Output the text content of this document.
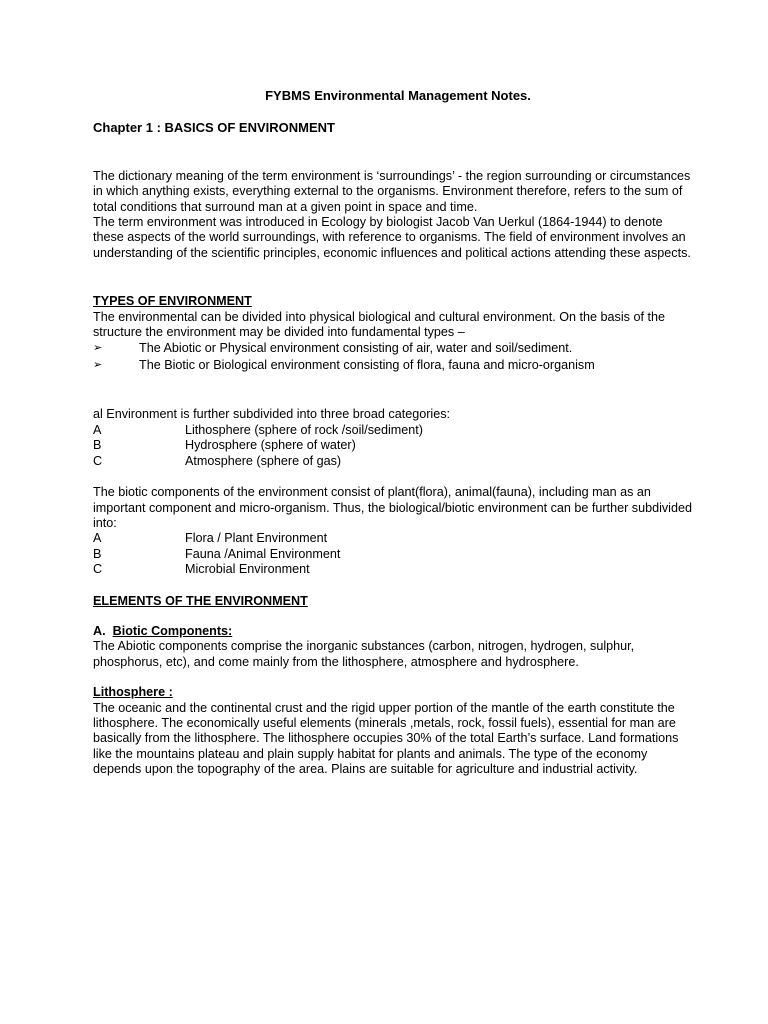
FYBMS Environmental Management Notes.

Chapter 1 : BASICS OF ENVIRONMENT

The dictionary meaning of the term environment is ‘surroundings’ - the region surrounding or circumstances in which anything exists, everything external to the organisms. Environment therefore, refers to the sum of total conditions that surround man at a given point in space and time.

The term environment was introduced in Ecology by biologist Jacob Van Uerkul (1864-1944) to denote these aspects of the world surroundings, with reference to organisms. The field of environment involves an understanding of the scientific principles, economic influences and political actions attending these aspects.

TYPES OF ENVIRONMENT

The environmental can be divided into physical biological and cultural environment. On the basis of the structure the environment may be divided into fundamental types –

➢	The Abiotic or Physical environment consisting of air, water and soil/sediment.
➢	The Biotic or Biological environment consisting of flora, fauna and micro-organism

al Environment is further subdivided into three broad categories:

A	Lithosphere (sphere of rock /soil/sediment)
B	Hydrosphere (sphere of water)
C	Atmosphere (sphere of gas)

The biotic components of the environment consist of plant(flora), animal(fauna), including man as an important component and micro-organism. Thus, the biological/biotic environment can be further subdivided into:

A	Flora / Plant Environment
B	Fauna /Animal Environment
C	Microbial Environment

ELEMENTS OF THE ENVIRONMENT

A. Biotic Components:

The Abiotic components comprise the inorganic substances (carbon, nitrogen, hydrogen, sulphur, phosphorus, etc), and come mainly from the lithosphere, atmosphere and hydrosphere.

Lithosphere :

The oceanic and the continental crust and the rigid upper portion of the mantle of the earth constitute the lithosphere. The economically useful elements (minerals ,metals, rock, fossil fuels), essential for man are basically from the lithosphere. The lithosphere occupies 30% of the total Earth’s surface. Land formations like the mountains plateau and plain supply habitat for plants and animals. The type of the economy depends upon the topography of the area. Plains are suitable for agriculture and industrial activity.
